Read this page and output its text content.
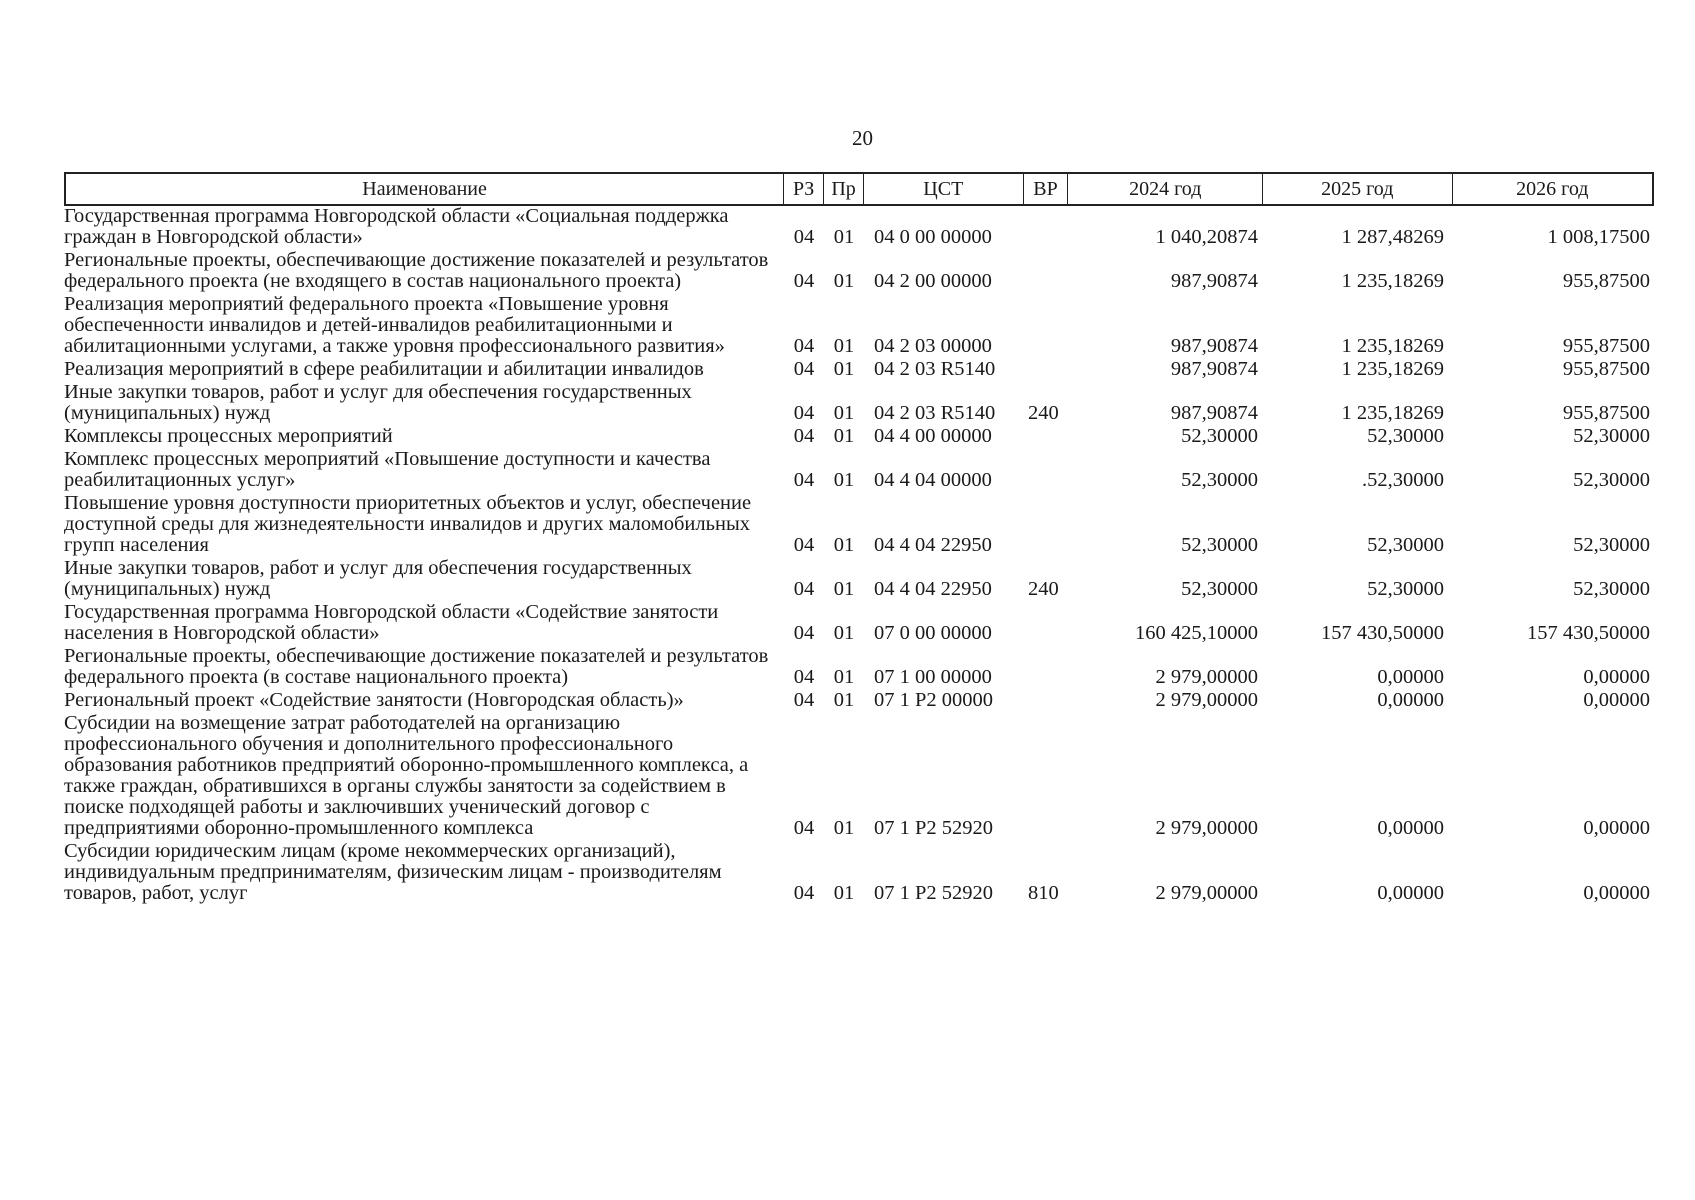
20
Наименование	РЗ Пр	ЦСТ	ВР	2024 год	2025 год	2026 год
Государственная программа Новгородской области «Социальная поддержка граждан в Новгородской области»	04 01 04 0 00 00000	1 040,20874	1 287,48269	1 008,17500
Региональные проекты, обеспечивающие достижение показателей и результатов федерального проекта (не входящего в состав национального проекта)	04 01 04 2 00 00000	987,90874	1 235,18269	955,87500
Реализация мероприятий федерального проекта «Повышение уровня обеспеченности инвалидов и детей-инвалидов реабилитационными и абилитационными услугами, а также уровня профессионального развития»	04 01 04 2 03 00000	987,90874	1 235,18269	955,87500
Реализация мероприятий в сфере реабилитации и абилитации инвалидов	04 01 04 2 03 R5140	987,90874	1 235,18269	955,87500
Иные закупки товаров, работ и услуг для обеспечения государственных (муниципальных) нужд	04 01 04 2 03 R5140	240	987,90874	1 235,18269	955,87500
Комплексы процессных мероприятий	04 01 04 4 00 00000	52,30000	52,30000	52,30000
Комплекс процессных мероприятий «Повышение доступности и качества реабилитационных услуг»	04 01 04 4 04 00000	52,30000	.52,30000	52,30000
Повышение уровня доступности приоритетных объектов и услуг, обеспечение доступной среды для жизнедеятельности инвалидов и других маломобильных групп населения	04 01 04 4 04 22950	52,30000	52,30000	52,30000
Иные закупки товаров, работ и услуг для обеспечения государственных (муниципальных) нужд	04 01 04 4 04 22950	240	52,30000	52,30000	52,30000
Государственная программа Новгородской области «Содействие занятости населения в Новгородской области»	04 01 07 0 00 00000	160 425,10000	157 430,50000	157 430,50000
Региональные проекты, обеспечивающие достижение показателей и результатов федерального проекта (в составе национального проекта)	04 01 07 1 00 00000	2 979,00000	0,00000	0,00000
Региональный проект «Содействие занятости (Новгородская область)»	04 01 07 1 P2 00000	2 979,00000	0,00000	0,00000
Субсидии на возмещение затрат работодателей на организацию профессионального обучения и дополнительного профессионального образования работников предприятий оборонно-промышленного комплекса, а также граждан, обратившихся в органы службы занятости за содействием в поиске подходящей работы и заключивших ученический договор с предприятиями оборонно-промышленного комплекса	04 01 07 1 P2 52920	2 979,00000	0,00000	0,00000
Субсидии юридическим лицам (кроме некоммерческих организаций), индивидуальным предпринимателям, физическим лицам - производителям товаров, работ, услуг	04 01 07 1 P2 52920	810	2 979,00000	0,00000	0,00000
